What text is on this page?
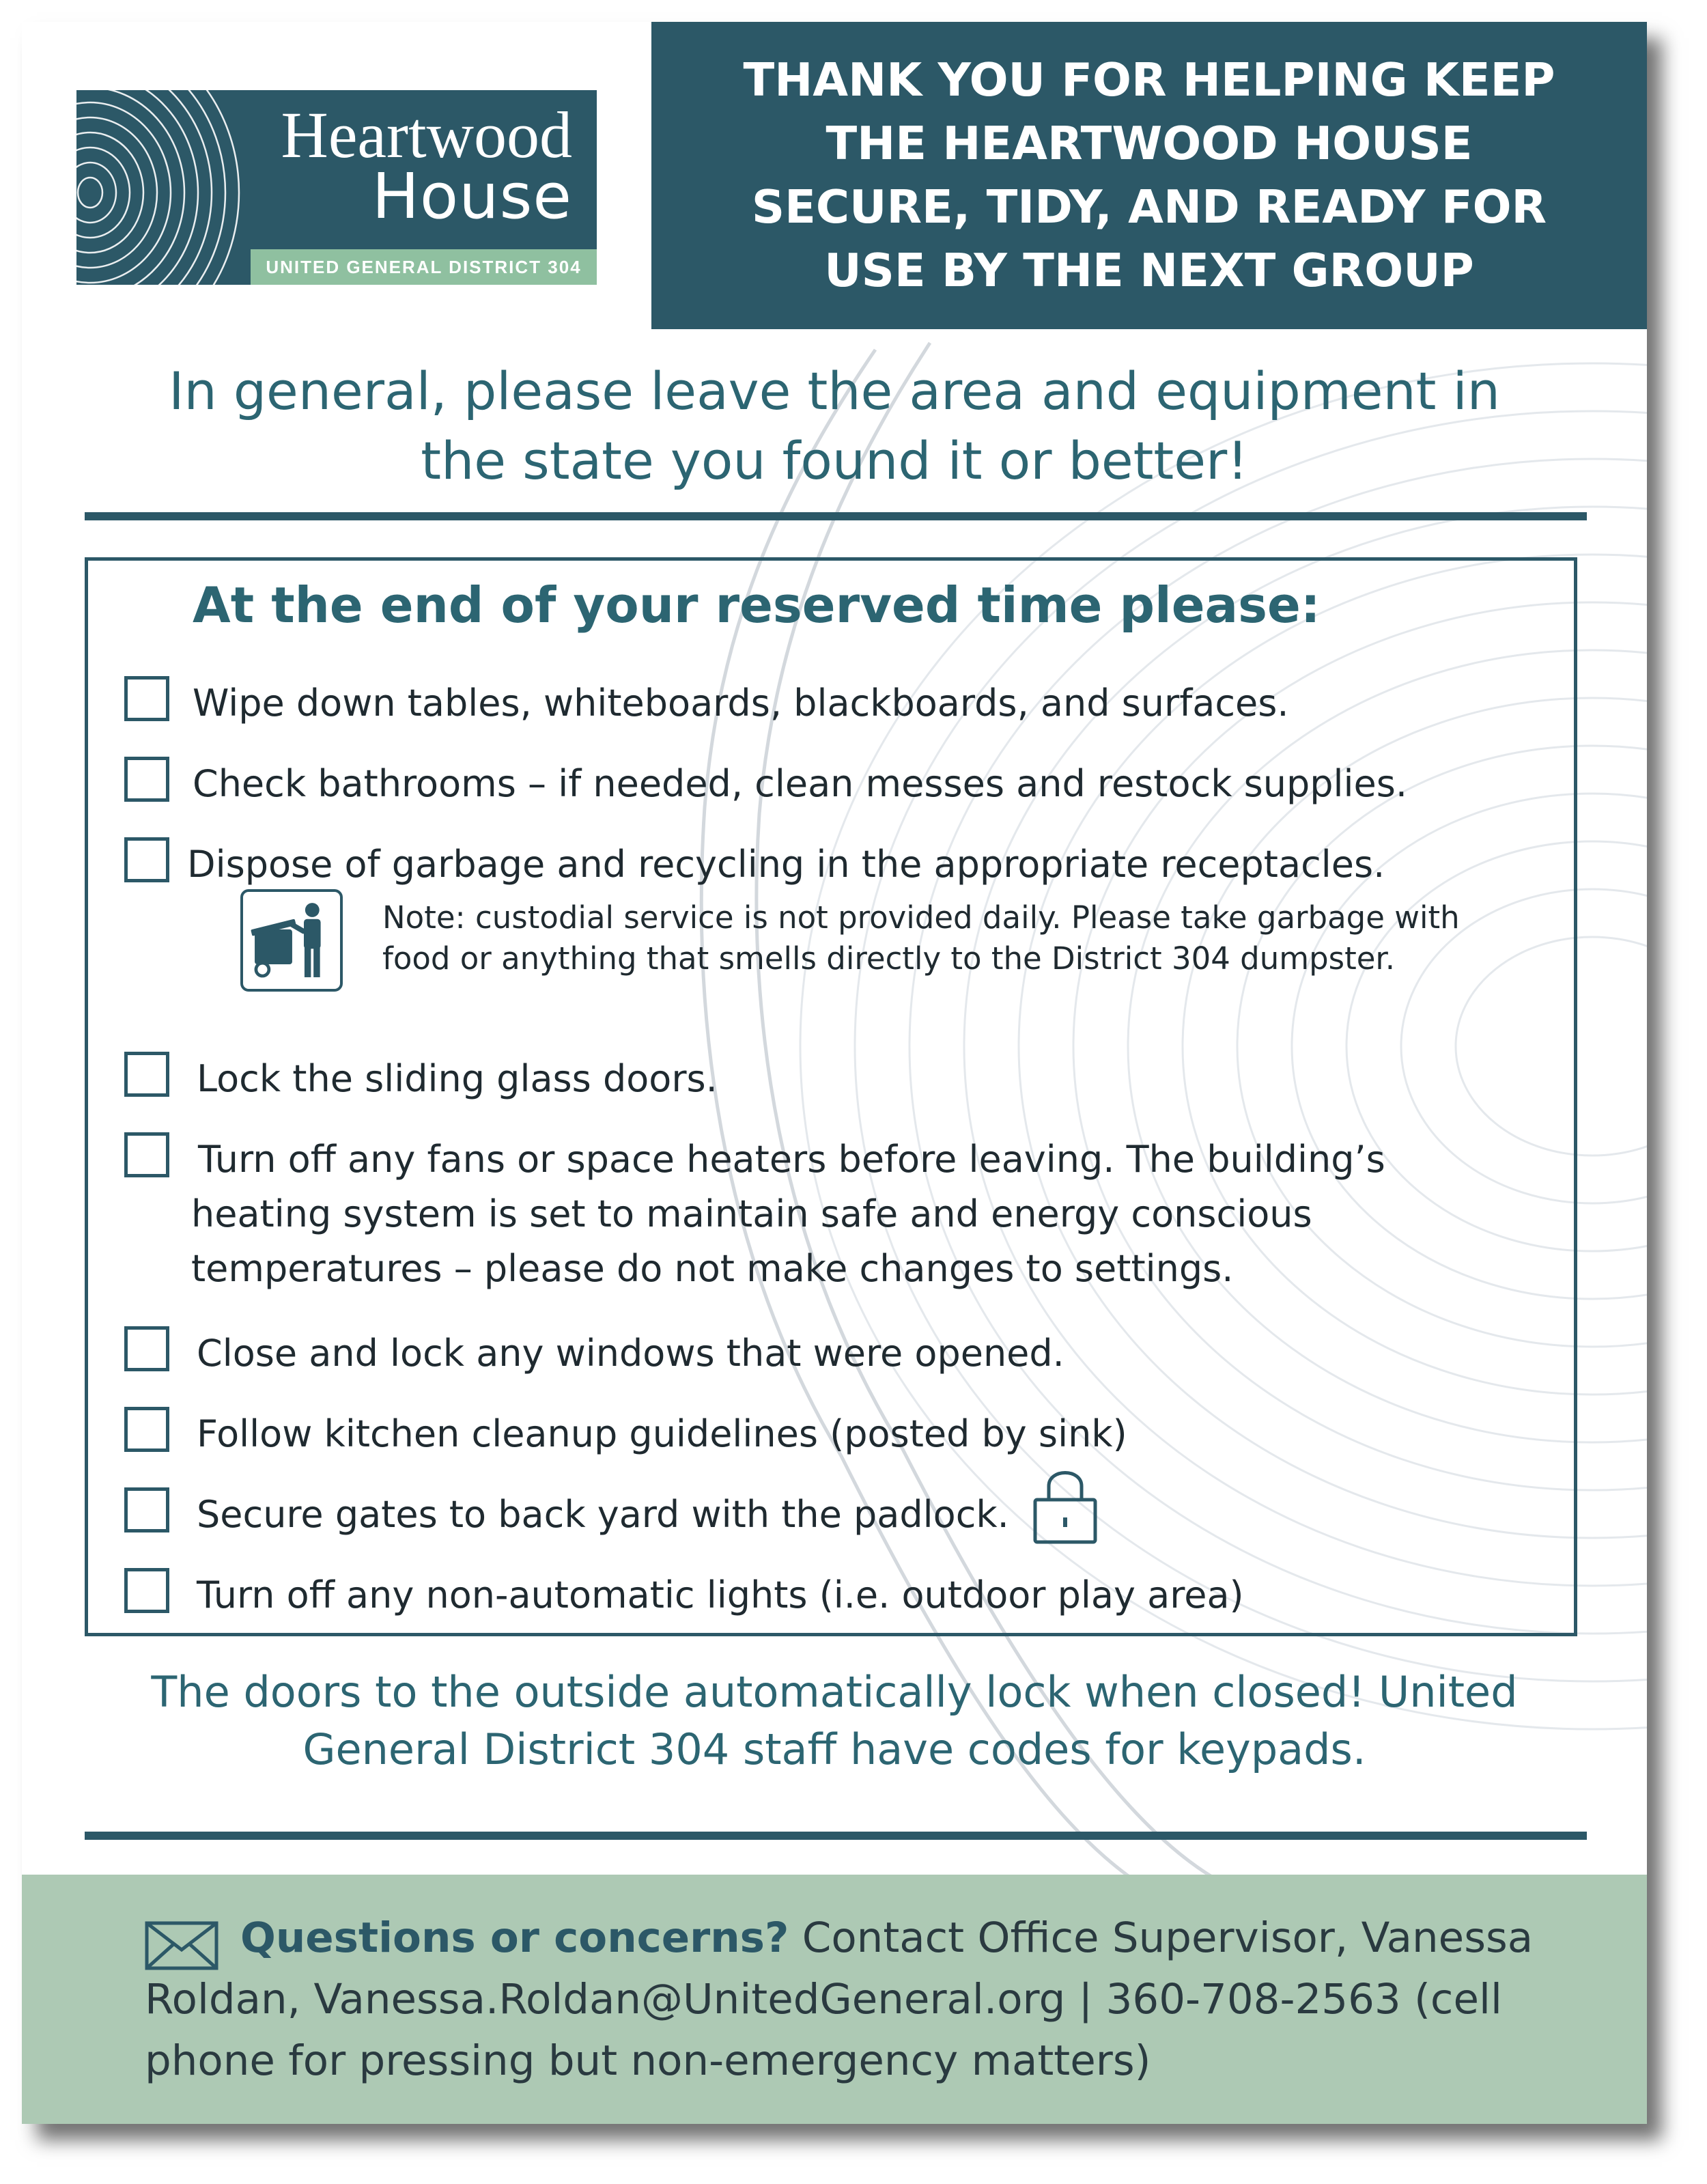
Heartwood
House
UNITED GENERAL DISTRICT 304
THANK YOU FOR HELPING KEEP
THE HEARTWOOD HOUSE
SECURE, TIDY, AND READY FOR
USE BY THE NEXT GROUP
In general, please leave the area and equipment in
the state you found it or better!
At the end of your reserved time please:
Wipe down tables, whiteboards, blackboards, and surfaces.
Check bathrooms – if needed, clean messes and restock supplies.
Dispose of garbage and recycling in the appropriate receptacles.
Note: custodial service is not provided daily. Please take garbage with
food or anything that smells directly to the District 304 dumpster.
Lock the sliding glass doors.
Turn off any fans or space heaters before leaving. The building’s
heating system is set to maintain safe and energy conscious
temperatures – please do not make changes to settings.
Close and lock any windows that were opened.
Follow kitchen cleanup guidelines (posted by sink)
Secure gates to back yard with the padlock.
Turn off any non-automatic lights (i.e. outdoor play area)
The doors to the outside automatically lock when closed! United
General District 304 staff have codes for keypads.
Questions or concerns? Contact Office Supervisor, Vanessa
Roldan, Vanessa.Roldan@UnitedGeneral.org | 360-708-2563 (cell
phone for pressing but non-emergency matters)
